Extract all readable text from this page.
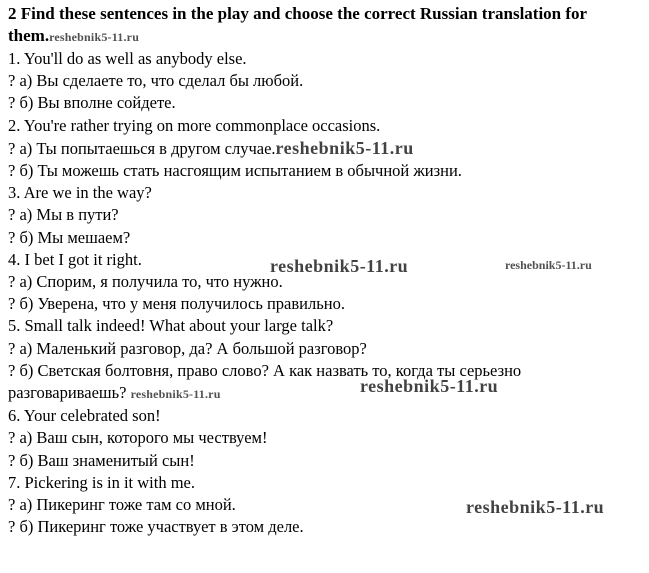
2 Find these sentences in the play and choose the correct Russian translation for them.reshebnik5-11.ru

1. You'll do as well as anybody else.
? а) Вы сделаете то, что сделал бы любой.
? б) Вы вполне сойдете.
2. You're rather trying on more commonplace occasions.
? а) Ты попытаешься в другом случае.reshebnik5-11.ru
? б) Ты можешь стать насгоящим испытанием в обычной жизни.
3. Are we in the way?
? а) Мы в пути?
? б) Мы мешаем?
4. I bet I got it right.
? а) Спорим, я получила то, что нужно.
? б) Уверена, что у меня получилось правильно.
5. Small talk indeed! What about your large talk?
? а) Маленький разговор, да? А большой разговор?
? б) Светская болтовня, право слово? А как назвать то, когда ты серьезно разговариваешь? reshebnik5-11.ru
6. Your celebrated son!
? а) Ваш сын, которого мы чествуем!
? б) Ваш знаменитый сын!
7. Pickering is in it with me.
? а) Пикеринг тоже там со мной.
? б) Пикеринг тоже участвует в этом деле.
reshebnik5-11.ru	reshebnik5-11.ru
reshebnik5-11.ru
reshebnik5-11.ru
